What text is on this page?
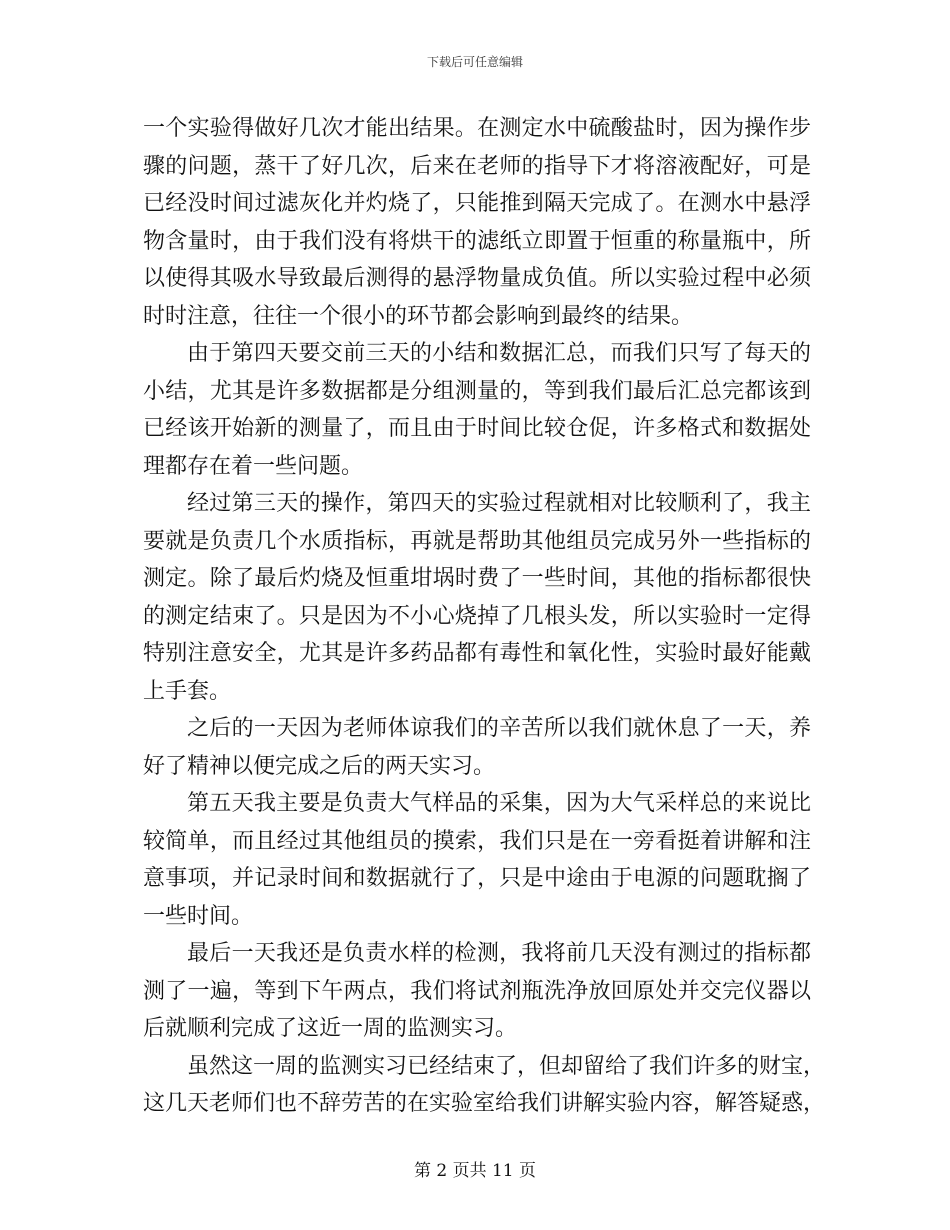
下载后可任意编辑
一个实验得做好几次才能出结果。在测定水中硫酸盐时，因为操作步
骤的问题，蒸干了好几次，后来在老师的指导下才将溶液配好，可是
已经没时间过滤灰化并灼烧了，只能推到隔天完成了。在测水中悬浮
物含量时，由于我们没有将烘干的滤纸立即置于恒重的称量瓶中，所
以使得其吸水导致最后测得的悬浮物量成负值。所以实验过程中必须
时时注意，往往一个很小的环节都会影响到最终的结果。
由于第四天要交前三天的小结和数据汇总，而我们只写了每天的
小结，尤其是许多数据都是分组测量的，等到我们最后汇总完都该到
已经该开始新的测量了，而且由于时间比较仓促，许多格式和数据处
理都存在着一些问题。
经过第三天的操作，第四天的实验过程就相对比较顺利了，我主
要就是负责几个水质指标，再就是帮助其他组员完成另外一些指标的
测定。除了最后灼烧及恒重坩埚时费了一些时间，其他的指标都很快
的测定结束了。只是因为不小心烧掉了几根头发，所以实验时一定得
特别注意安全，尤其是许多药品都有毒性和氧化性，实验时最好能戴
上手套。
之后的一天因为老师体谅我们的辛苦所以我们就休息了一天，养
好了精神以便完成之后的两天实习。
第五天我主要是负责大气样品的采集，因为大气采样总的来说比
较简单，而且经过其他组员的摸索，我们只是在一旁看挺着讲解和注
意事项，并记录时间和数据就行了，只是中途由于电源的问题耽搁了
一些时间。
最后一天我还是负责水样的检测，我将前几天没有测过的指标都
测了一遍，等到下午两点，我们将试剂瓶洗净放回原处并交完仪器以
后就顺利完成了这近一周的监测实习。
虽然这一周的监测实习已经结束了，但却留给了我们许多的财宝，
这几天老师们也不辞劳苦的在实验室给我们讲解实验内容，解答疑惑，
第 2 页共 11 页
